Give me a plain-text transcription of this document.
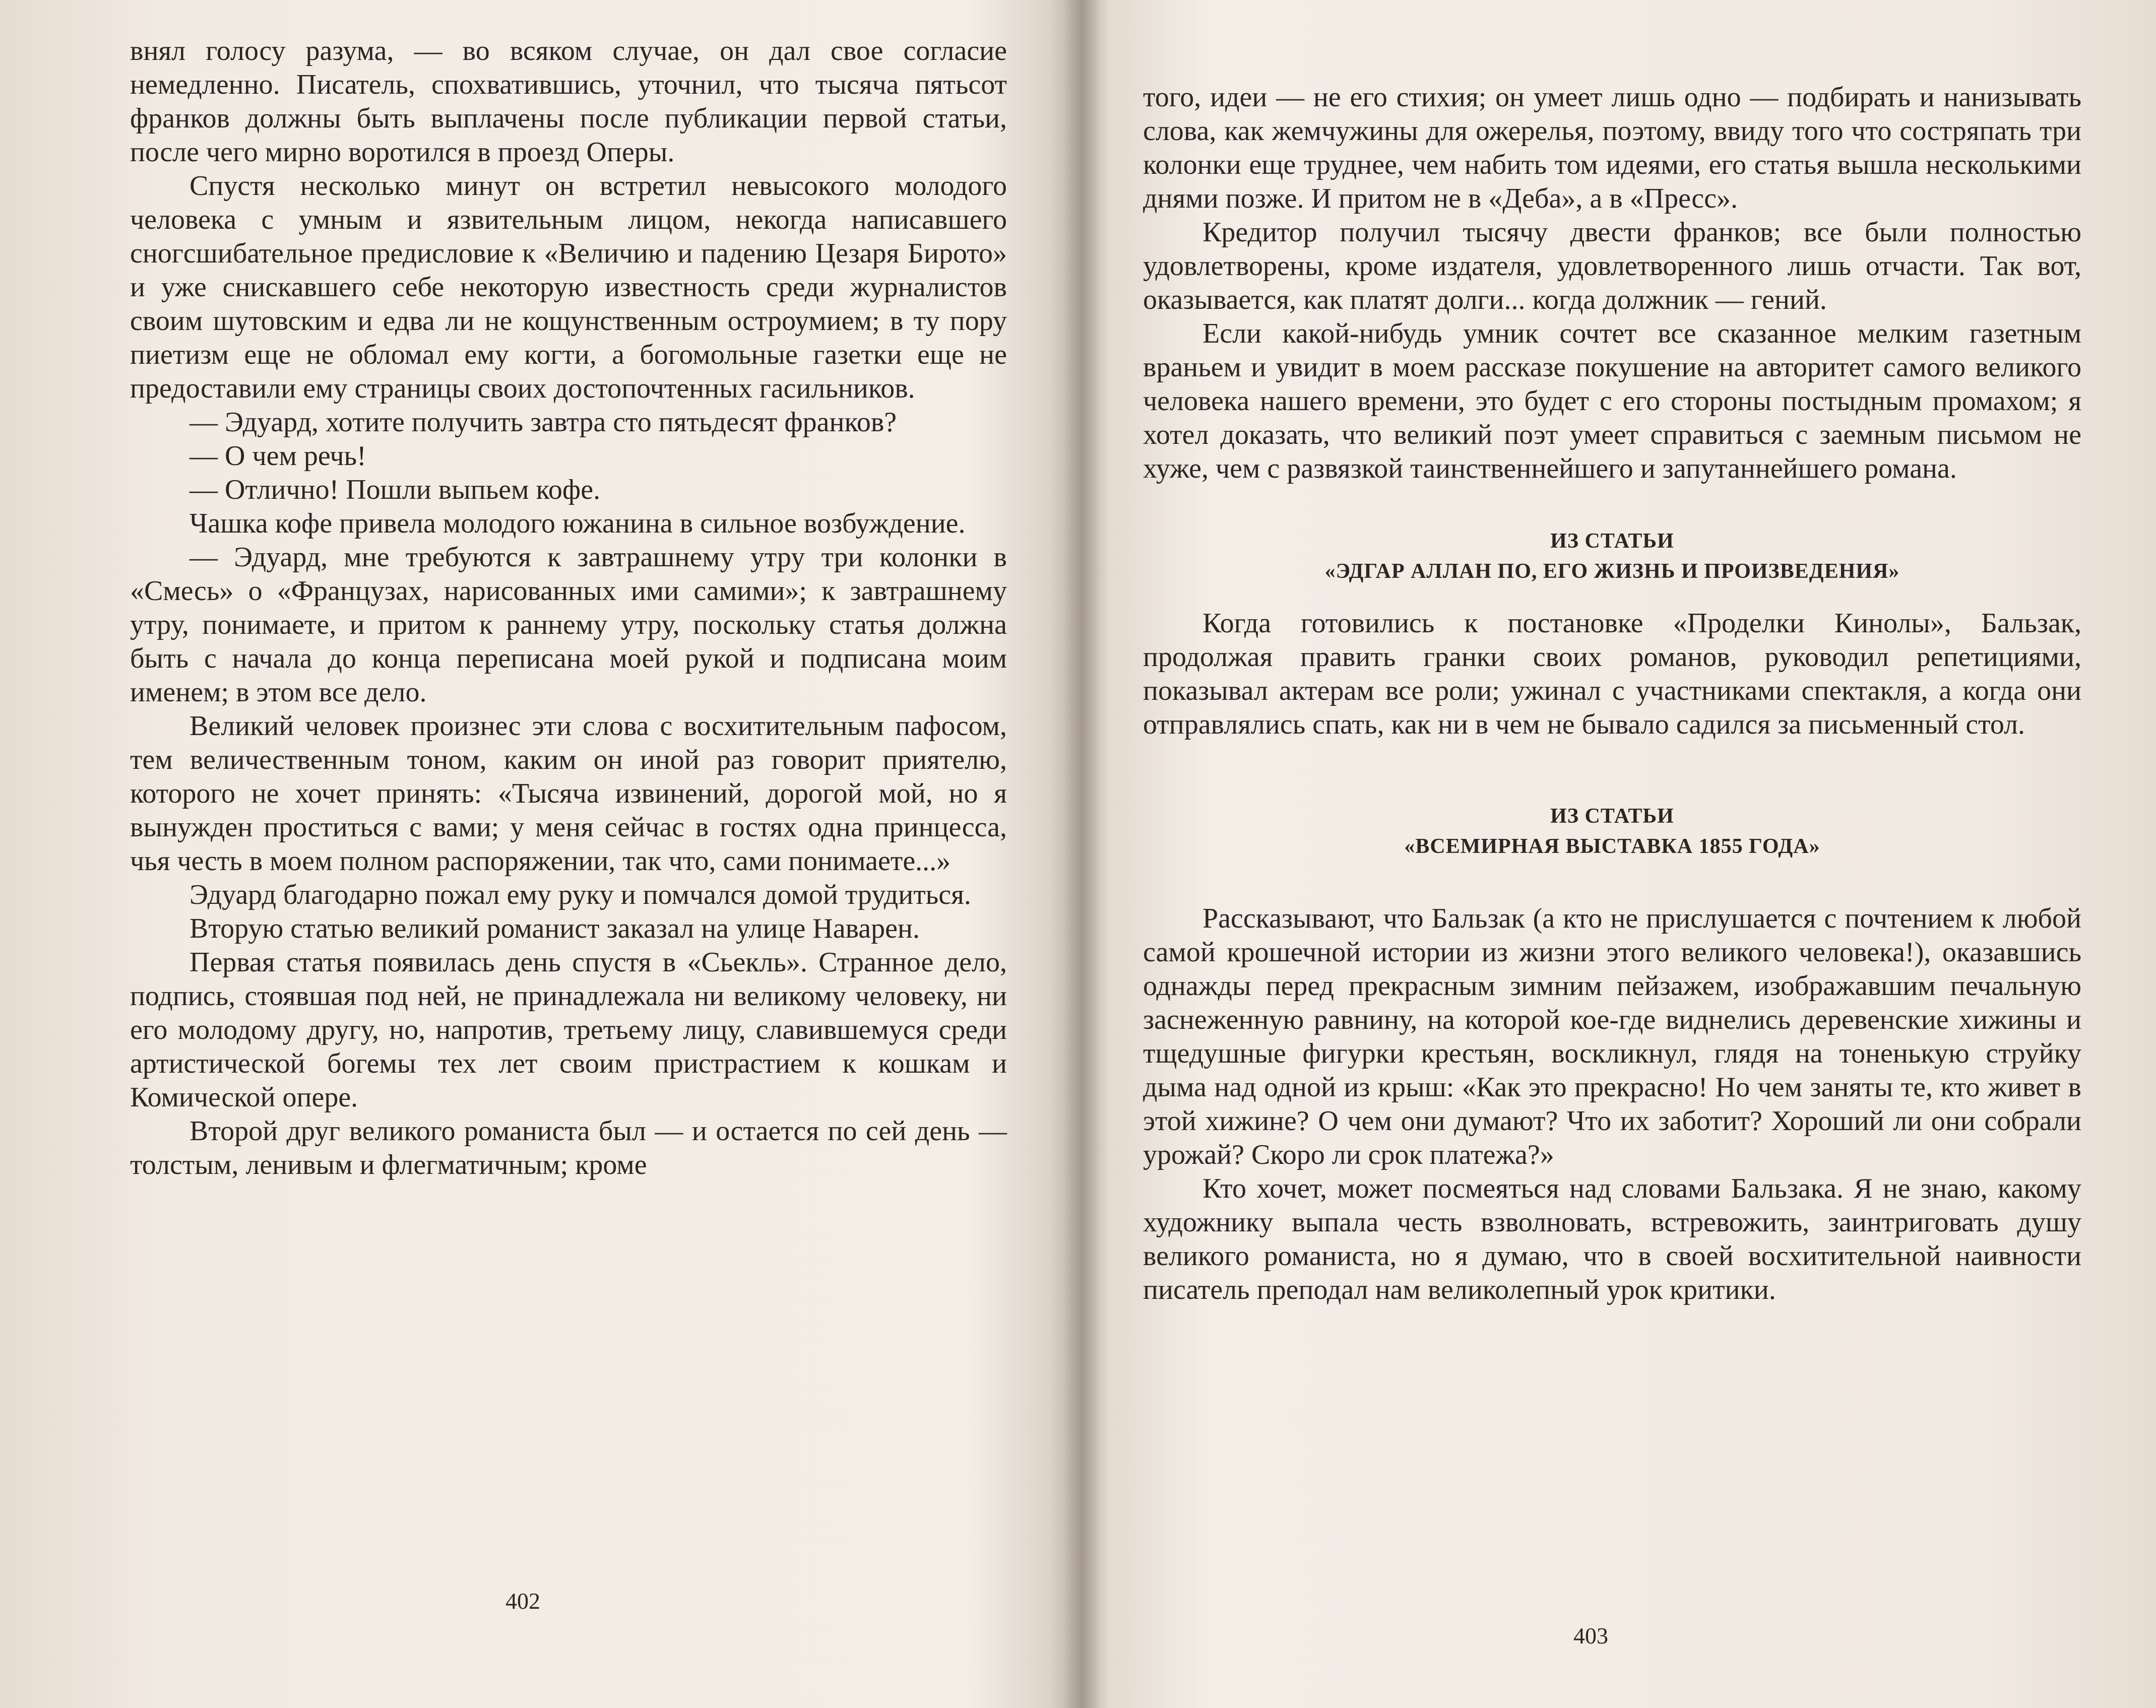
внял голосу разума, — во всяком случае, он дал свое согласие немедленно. Писатель, спохватившись, уточнил, что тысяча пятьсот франков должны быть выплачены после публикации первой статьи, после чего мирно воротился в проезд Оперы.

Спустя несколько минут он встретил невысокого молодого человека с умным и язвительным лицом, некогда написавшего сногсшибательное предисловие к «Величию и падению Цезаря Бирото» и уже снискавшего себе некоторую известность среди журналистов своим шутовским и едва ли не кощунственным остроумием; в ту пору пиетизм еще не обломал ему когти, а богомольные газетки еще не предоставили ему страницы своих достопочтенных гасильников.

— Эдуард, хотите получить завтра сто пятьдесят франков?

— О чем речь!

— Отлично! Пошли выпьем кофе.

Чашка кофе привела молодого южанина в сильное возбуждение.

— Эдуард, мне требуются к завтрашнему утру три колонки в «Смесь» о «Французах, нарисованных ими самими»; к завтрашнему утру, понимаете, и притом к раннему утру, поскольку статья должна быть с начала до конца переписана моей рукой и подписана моим именем; в этом все дело.

Великий человек произнес эти слова с восхитительным пафосом, тем величественным тоном, каким он иной раз говорит приятелю, которого не хочет принять: «Тысяча извинений, дорогой мой, но я вынужден проститься с вами; у меня сейчас в гостях одна принцесса, чья честь в моем полном распоряжении, так что, сами понимаете...»

Эдуард благодарно пожал ему руку и помчался домой трудиться.

Вторую статью великий романист заказал на улице Наварен.

Первая статья появилась день спустя в «Сьекль». Странное дело, подпись, стоявшая под ней, не принадлежала ни великому человеку, ни его молодому другу, но, напротив, третьему лицу, славившемуся среди артистической богемы тех лет своим пристрастием к кошкам и Комической опере.

Второй друг великого романиста был — и остается по сей день — толстым, ленивым и флегматичным; кроме

402

того, идеи — не его стихия; он умеет лишь одно — подбирать и нанизывать слова, как жемчужины для ожерелья, поэтому, ввиду того что состряпать три колонки еще труднее, чем набить том идеями, его статья вышла несколькими днями позже. И притом не в «Деба», а в «Пресс».

Кредитор получил тысячу двести франков; все были полностью удовлетворены, кроме издателя, удовлетворенного лишь отчасти. Так вот, оказывается, как платят долги... когда должник — гений.

Если какой-нибудь умник сочтет все сказанное мелким газетным враньем и увидит в моем рассказе покушение на авторитет самого великого человека нашего времени, это будет с его стороны постыдным промахом; я хотел доказать, что великий поэт умеет справиться с заемным письмом не хуже, чем с развязкой таинственнейшего и запутаннейшего романа.

ИЗ СТАТЬИ

«ЭДГАР АЛЛАН ПО, ЕГО ЖИЗНЬ И ПРОИЗВЕДЕНИЯ»

Когда готовились к постановке «Проделки Кинолы», Бальзак, продолжая править гранки своих романов, руководил репетициями, показывал актерам все роли; ужинал с участниками спектакля, а когда они отправлялись спать, как ни в чем не бывало садился за письменный стол.

ИЗ СТАТЬИ

«ВСЕМИРНАЯ ВЫСТАВКА 1855 ГОДА»

Рассказывают, что Бальзак (а кто не прислушается с почтением к любой самой крошечной истории из жизни этого великого человека!), оказавшись однажды перед прекрасным зимним пейзажем, изображавшим печальную заснеженную равнину, на которой кое-где виднелись деревенские хижины и тщедушные фигурки крестьян, воскликнул, глядя на тоненькую струйку дыма над одной из крыш: «Как это прекрасно! Но чем заняты те, кто живет в этой хижине? О чем они думают? Что их заботит? Хороший ли они собрали урожай? Скоро ли срок платежа?»

Кто хочет, может посмеяться над словами Бальзака. Я не знаю, какому художнику выпала честь взволновать, встревожить, заинтриговать душу великого романиста, но я думаю, что в своей восхитительной наивности писатель преподал нам великолепный урок критики.

403
